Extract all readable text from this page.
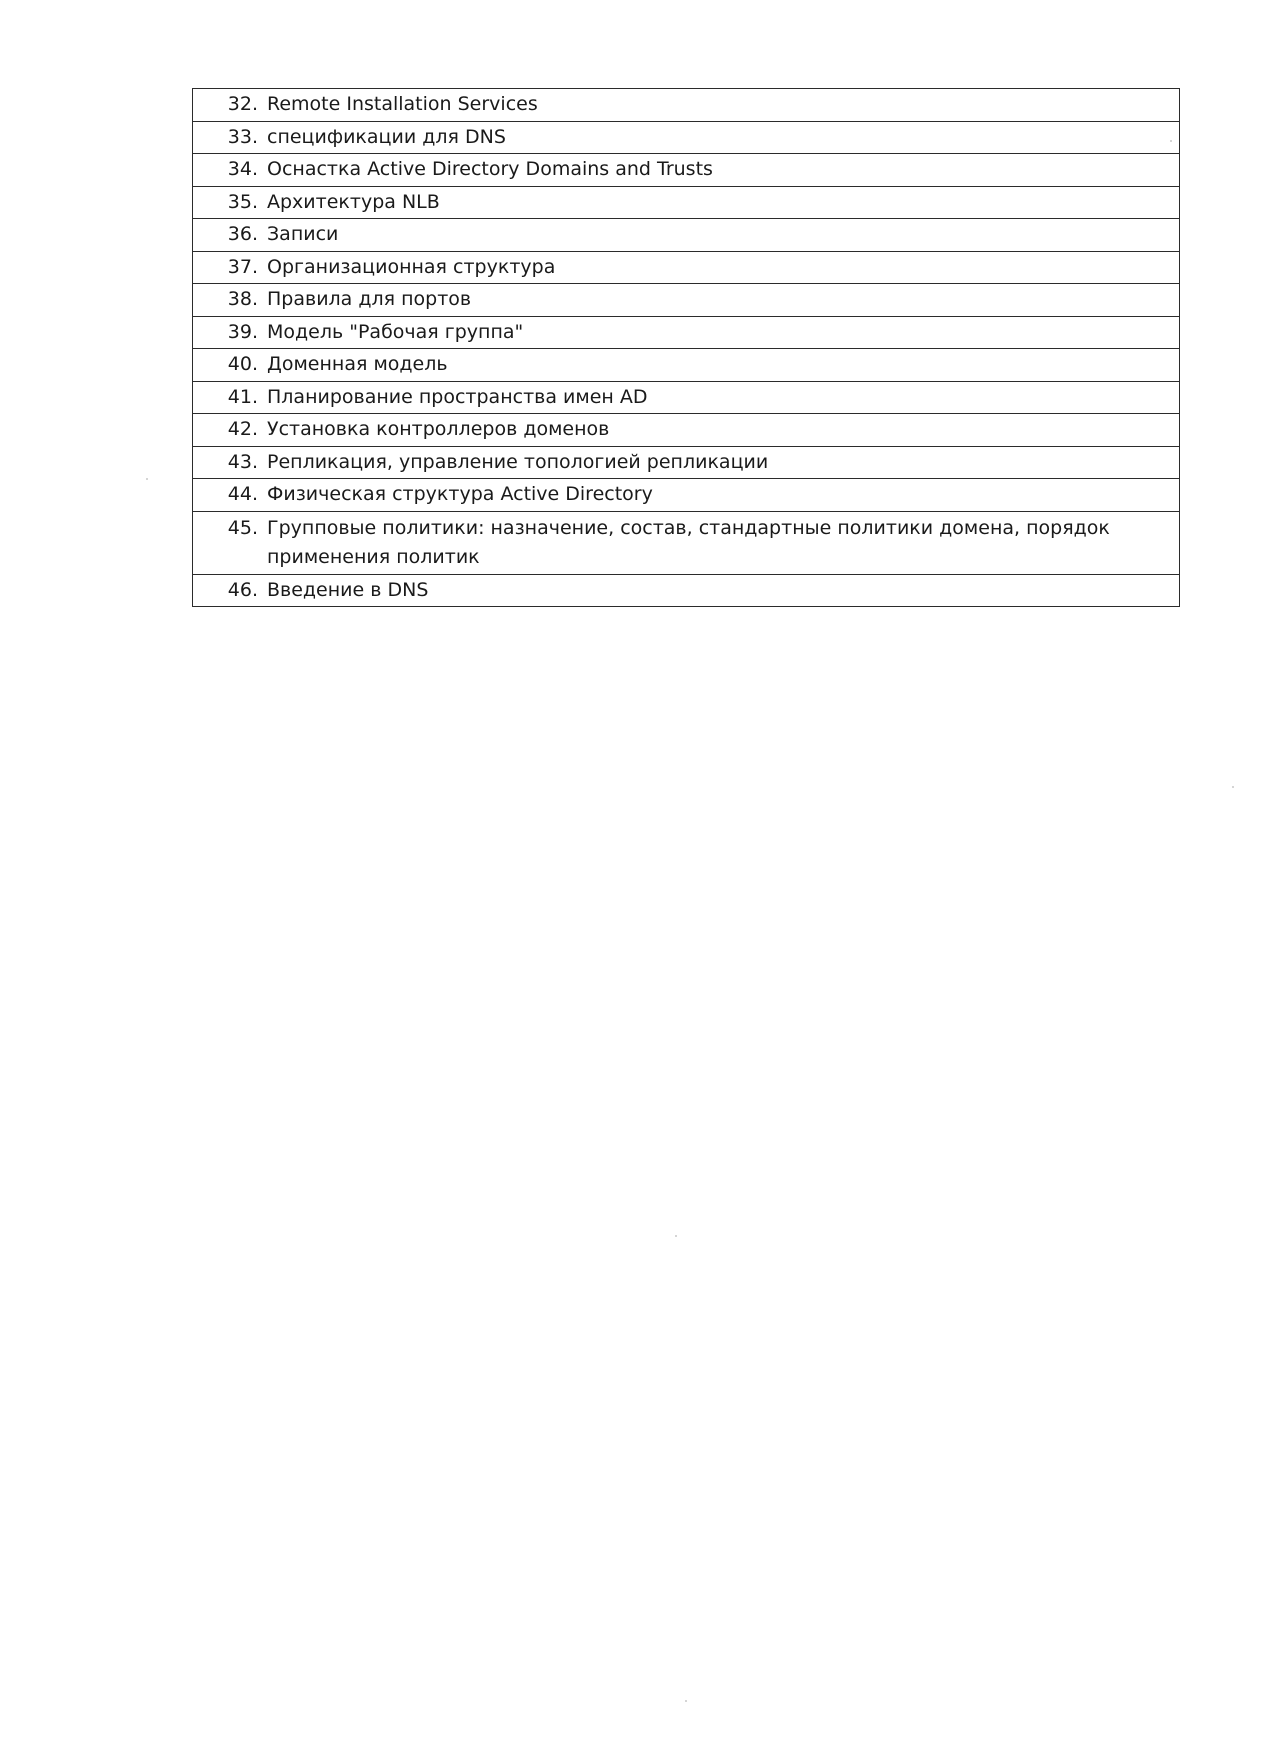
32. Remote Installation Services

33. спецификации для DNS

34. Оснастка Active Directory Domains and Trusts

35. Архитектура NLB

36. Записи

37. Организационная структура

38. Правила для портов

39. Модель "Рабочая группа"

40. Доменная модель

41. Планирование пространства имен AD

42. Установка контроллеров доменов

43. Репликация, управление топологией репликации

44. Физическая структура Active Directory

45. Групповые политики: назначение, состав, стандартные политики домена, порядок применения политик

46. Введение в DNS
